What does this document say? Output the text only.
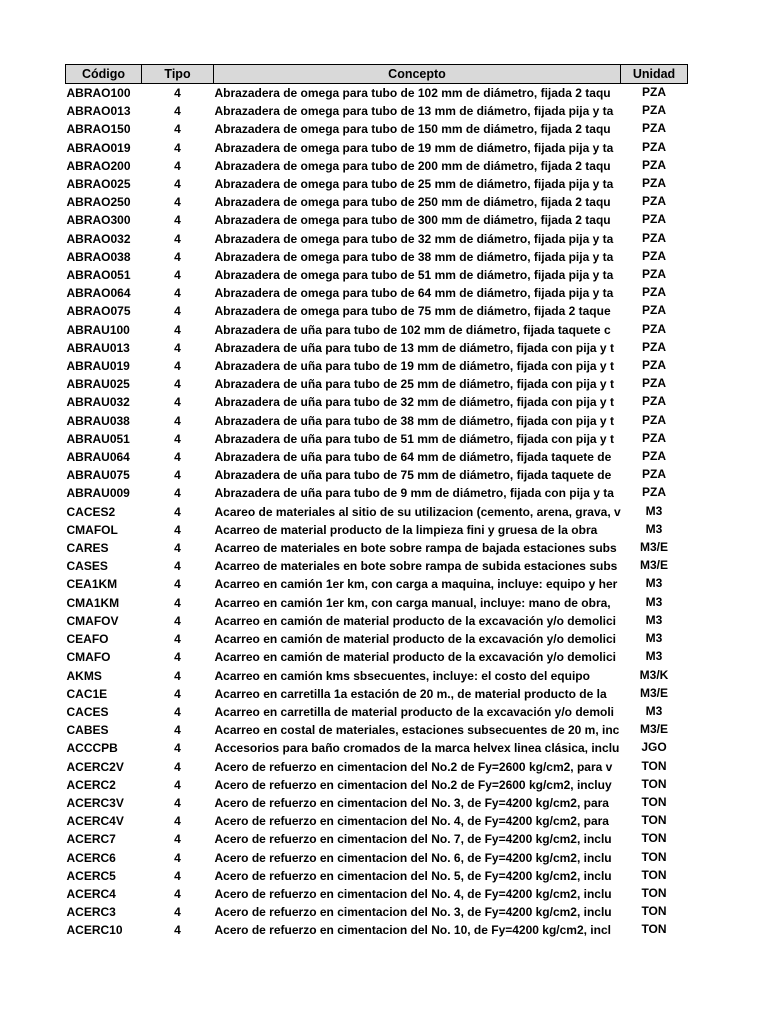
Código	Tipo	Concepto	Unidad
ABRAO100	4	Abrazadera de omega para tubo de 102 mm de diámetro, fijada 2 taqu	PZA
ABRAO013	4	Abrazadera de omega para tubo de 13 mm de diámetro, fijada pija y ta	PZA
ABRAO150	4	Abrazadera de omega para tubo de 150 mm de diámetro, fijada 2 taqu	PZA
ABRAO019	4	Abrazadera de omega para tubo de 19 mm de diámetro, fijada pija y ta	PZA
ABRAO200	4	Abrazadera de omega para tubo de 200 mm de diámetro, fijada 2 taqu	PZA
ABRAO025	4	Abrazadera de omega para tubo de 25 mm de diámetro, fijada pija y ta	PZA
ABRAO250	4	Abrazadera de omega para tubo de 250 mm de diámetro, fijada 2 taqu	PZA
ABRAO300	4	Abrazadera de omega para tubo de 300 mm de diámetro, fijada 2 taqu	PZA
ABRAO032	4	Abrazadera de omega para tubo de 32 mm de diámetro, fijada pija y ta	PZA
ABRAO038	4	Abrazadera de omega para tubo de 38 mm de diámetro, fijada pija y ta	PZA
ABRAO051	4	Abrazadera de omega para tubo de 51 mm de diámetro, fijada pija y ta	PZA
ABRAO064	4	Abrazadera de omega para tubo de 64 mm de diámetro, fijada pija y ta	PZA
ABRAO075	4	Abrazadera de omega para tubo de 75 mm de diámetro, fijada 2 taque	PZA
ABRAU100	4	Abrazadera de uña para tubo de 102 mm de diámetro, fijada taquete c	PZA
ABRAU013	4	Abrazadera de uña para tubo de 13 mm de diámetro, fijada con pija y t	PZA
ABRAU019	4	Abrazadera de uña para tubo de 19 mm de diámetro, fijada con pija y t	PZA
ABRAU025	4	Abrazadera de uña para tubo de 25 mm de diámetro, fijada con pija y t	PZA
ABRAU032	4	Abrazadera de uña para tubo de 32 mm de diámetro, fijada con pija y t	PZA
ABRAU038	4	Abrazadera de uña para tubo de 38 mm de diámetro, fijada con pija y t	PZA
ABRAU051	4	Abrazadera de uña para tubo de 51 mm de diámetro, fijada con pija y t	PZA
ABRAU064	4	Abrazadera de uña para tubo de 64 mm de diámetro, fijada taquete de	PZA
ABRAU075	4	Abrazadera de uña para tubo de 75 mm de diámetro, fijada taquete de	PZA
ABRAU009	4	Abrazadera de uña para tubo de 9 mm de diámetro, fijada con pija y ta	PZA
CACES2	4	Acareo de materiales al sitio de su utilizacion (cemento, arena, grava, v	M3
CMAFOL	4	Acarreo de material producto de la limpieza fini y gruesa de la obra	M3
CARES	4	Acarreo de materiales en bote sobre rampa de bajada estaciones subs	M3/E
CASES	4	Acarreo de materiales en bote sobre rampa de subida estaciones subs	M3/E
CEA1KM	4	Acarreo en camión 1er km, con carga a maquina, incluye: equipo y her	M3
CMA1KM	4	Acarreo en camión 1er km, con carga manual, incluye: mano de obra,	M3
CMAFOV	4	Acarreo en camión de material producto de la excavación y/o demolici	M3
CEAFO	4	Acarreo en camión de material producto de la excavación y/o demolici	M3
CMAFO	4	Acarreo en camión de material producto de la excavación y/o demolici	M3
AKMS	4	Acarreo en camión kms sbsecuentes, incluye: el costo del equipo	M3/K
CAC1E	4	Acarreo en carretilla 1a estación de 20 m., de material producto de la	M3/E
CACES	4	Acarreo en carretilla de material producto de la excavación y/o demoli	M3
CABES	4	Acarreo en costal de materiales, estaciones subsecuentes de 20 m, inc	M3/E
ACCCPB	4	Accesorios para baño cromados de la marca helvex linea clásica, inclu	JGO
ACERC2V	4	Acero de refuerzo en cimentacion del No.2 de Fy=2600 kg/cm2, para v	TON
ACERC2	4	Acero de refuerzo en cimentacion del No.2 de Fy=2600 kg/cm2, incluy	TON
ACERC3V	4	Acero de refuerzo en cimentacion del No. 3, de Fy=4200 kg/cm2, para	TON
ACERC4V	4	Acero de refuerzo en cimentacion del No. 4, de Fy=4200 kg/cm2, para	TON
ACERC7	4	Acero de refuerzo en cimentacion del No. 7, de Fy=4200 kg/cm2, inclu	TON
ACERC6	4	Acero de refuerzo en cimentacion del No. 6, de Fy=4200 kg/cm2, inclu	TON
ACERC5	4	Acero de refuerzo en cimentacion del No. 5, de Fy=4200 kg/cm2, inclu	TON
ACERC4	4	Acero de refuerzo en cimentacion del No. 4, de Fy=4200 kg/cm2, inclu	TON
ACERC3	4	Acero de refuerzo en cimentacion del No. 3, de Fy=4200 kg/cm2, inclu	TON
ACERC10	4	Acero de refuerzo en cimentacion del No. 10, de Fy=4200 kg/cm2, incl	TON
